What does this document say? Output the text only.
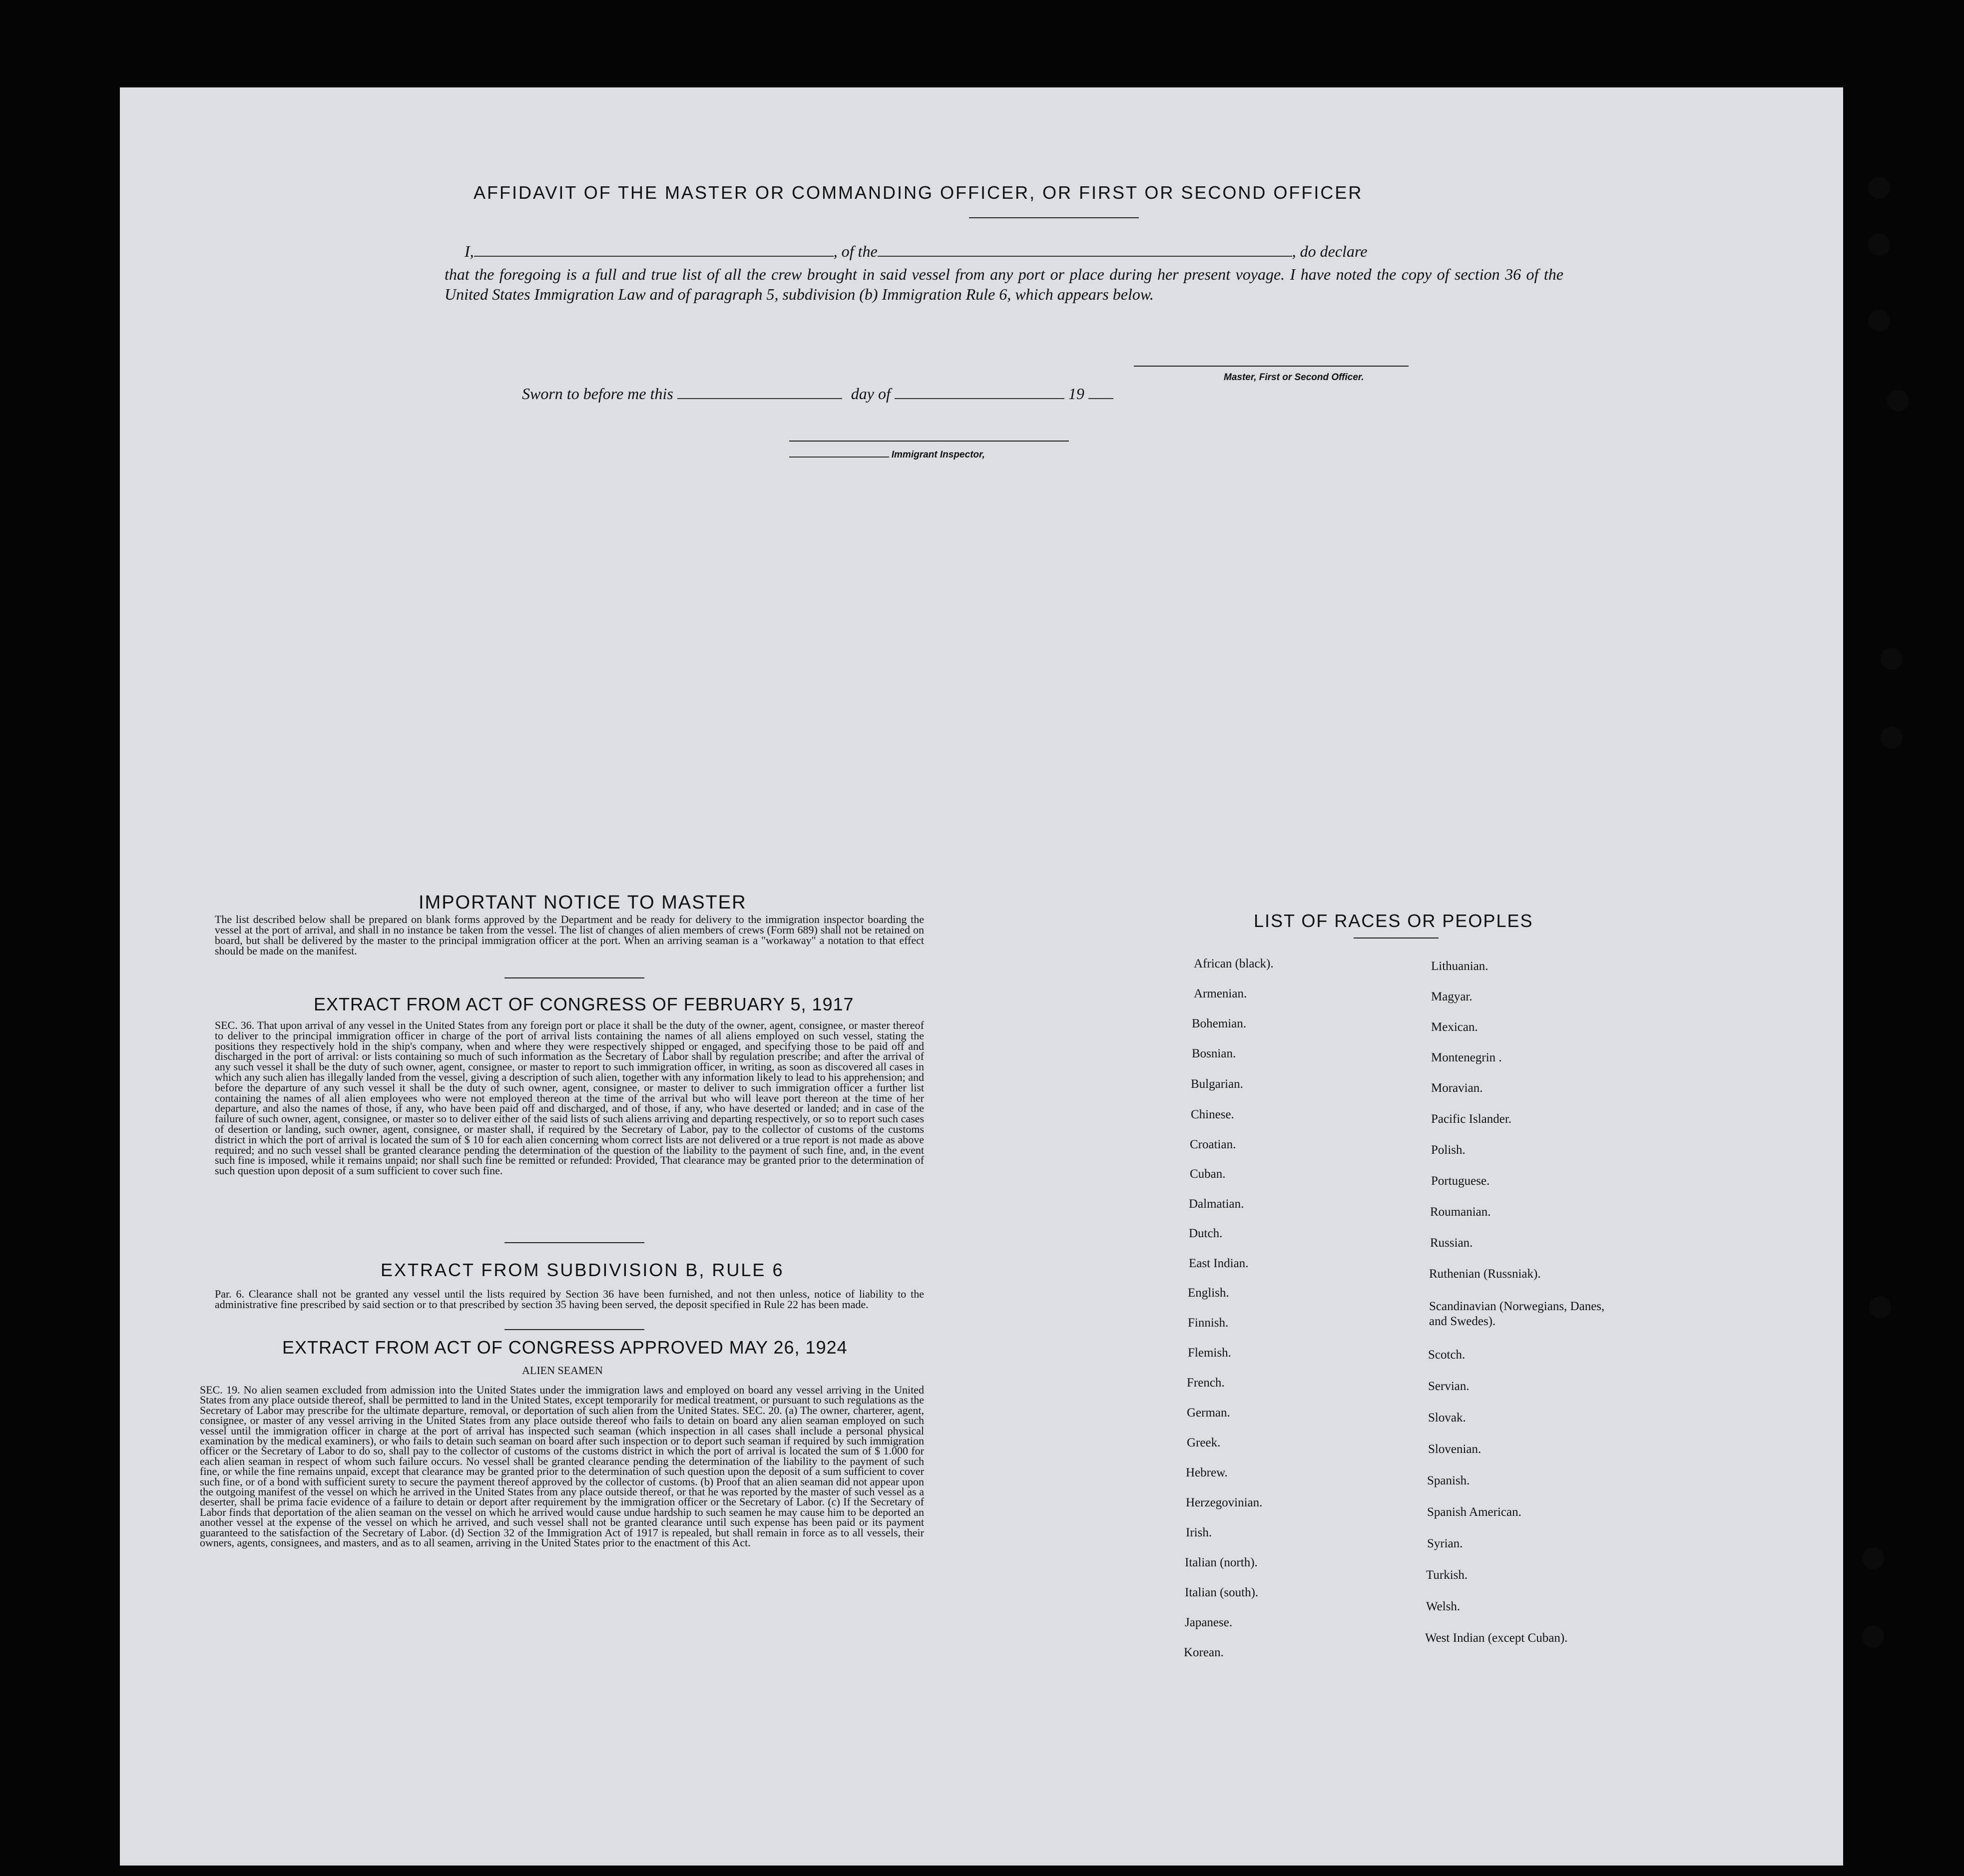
AFFIDAVIT OF THE MASTER OR COMMANDING OFFICER, OR FIRST OR SECOND OFFICER
I,	, of the	, do declare
that the foregoing is a full and true list of all the crew brought in said vessel from any port or place during her present voyage. I have noted the copy of section 36 of the United States Immigration Law and of paragraph 5, subdivision (b) Immigration Rule 6, which appears below.
Master, First or Second Officer.
Sworn to before me this	day of	19
Immigrant Inspector,
IMPORTANT NOTICE TO MASTER
The list described below shall be prepared on blank forms approved by the Department and be ready for delivery to the immigration inspector boarding the vessel at the port of arrival, and shall in no instance be taken from the vessel. The list of changes of alien members of crews (Form 689) shall not be retained on board, but shall be delivered by the master to the principal immigration officer at the port. When an arriving seaman is a "workaway" a notation to that effect should be made on the manifest.
EXTRACT FROM ACT OF CONGRESS OF FEBRUARY 5, 1917
SEC. 36. That upon arrival of any vessel in the United States from any foreign port or place it shall be the duty of the owner, agent, consignee, or master thereof to deliver to the principal immigration officer in charge of the port of arrival lists containing the names of all aliens employed on such vessel, stating the positions they respectively hold in the ship's company, when and where they were respectively shipped or engaged, and specifying those to be paid off and discharged in the port of arrival: or lists containing so much of such information as the Secretary of Labor shall by regulation prescribe; and after the arrival of any such vessel it shall be the duty of such owner, agent, consignee, or master to report to such immigration officer, in writing, as soon as discovered all cases in which any such alien has illegally landed from the vessel, giving a description of such alien, together with any information likely to lead to his apprehension; and before the departure of any such vessel it shall be the duty of such owner, agent, consignee, or master to deliver to such immigration officer a further list containing the names of all alien employees who were not employed thereon at the time of the arrival but who will leave port thereon at the time of her departure, and also the names of those, if any, who have been paid off and discharged, and of those, if any, who have deserted or landed; and in case of the failure of such owner, agent, consignee, or master so to deliver either of the said lists of such aliens arriving and departing respectively, or so to report such cases of desertion or landing, such owner, agent, consignee, or master shall, if required by the Secretary of Labor, pay to the collector of customs of the customs district in which the port of arrival is located the sum of $ 10 for each alien concerning whom correct lists are not delivered or a true report is not made as above required; and no such vessel shall be granted clearance pending the determination of the question of the liability to the payment of such fine, and, in the event such fine is imposed, while it remains unpaid; nor shall such fine be remitted or refunded: Provided, That clearance may be granted prior to the determination of such question upon deposit of a sum sufficient to cover such fine.
EXTRACT FROM SUBDIVISION B, RULE 6
Par. 6. Clearance shall not be granted any vessel until the lists required by Section 36 have been furnished, and not then unless, notice of liability to the administrative fine prescribed by said section or to that prescribed by section 35 having been served, the deposit specified in Rule 22 has been made.
EXTRACT FROM ACT OF CONGRESS APPROVED MAY 26, 1924
ALIEN SEAMEN
SEC. 19. No alien seamen excluded from admission into the United States under the immigration laws and employed on board any vessel arriving in the United States from any place outside thereof, shall be permitted to land in the United States, except temporarily for medical treatment, or pursuant to such regulations as the Secretary of Labor may prescribe for the ultimate departure, removal, or deportation of such alien from the United States. SEC. 20. (a) The owner, charterer, agent, consignee, or master of any vessel arriving in the United States from any place outside thereof who fails to detain on board any alien seaman employed on such vessel until the immigration officer in charge at the port of arrival has inspected such seaman (which inspection in all cases shall include a personal physical examination by the medical examiners), or who fails to detain such seaman on board after such inspection or to deport such seaman if required by such immigration officer or the Secretary of Labor to do so, shall pay to the collector of customs of the customs district in which the port of arrival is located the sum of $ 1.000 for each alien seaman in respect of whom such failure occurs. No vessel shall be granted clearance pending the determination of the liability to the payment of such fine, or while the fine remains unpaid, except that clearance may be granted prior to the determination of such question upon the deposit of a sum sufficient to cover such fine, or of a bond with sufficient surety to secure the payment thereof approved by the collector of customs. (b) Proof that an alien seaman did not appear upon the outgoing manifest of the vessel on which he arrived in the United States from any place outside thereof, or that he was reported by the master of such vessel as a deserter, shall be prima facie evidence of a failure to detain or deport after requirement by the immigration officer or the Secretary of Labor. (c) If the Secretary of Labor finds that deportation of the alien seaman on the vessel on which he arrived would cause undue hardship to such seamen he may cause him to be deported an another vessel at the expense of the vessel on which he arrived, and such vessel shall not be granted clearance until such expense has been paid or its payment guaranteed to the satisfaction of the Secretary of Labor. (d) Section 32 of the Immigration Act of 1917 is repealed, but shall remain in force as to all vessels, their owners, agents, consignees, and masters, and as to all seamen, arriving in the United States prior to the enactment of this Act.
LIST OF RACES OR PEOPLES
African (black).
Armenian.
Bohemian.
Bosnian.
Bulgarian.
Chinese.
Croatian.
Cuban.
Dalmatian.
Dutch.
East Indian.
English.
Finnish.
Flemish.
French.
German.
Greek.
Hebrew.
Herzegovinian.
Irish.
Italian (north).
Italian (south).
Japanese.
Korean.
Lithuanian.
Magyar.
Mexican.
Montenegrin .
Moravian.
Pacific Islander.
Polish.
Portuguese.
Roumanian.
Russian.
Ruthenian (Russniak).
Scandinavian (Norwegians, Danes, and Swedes).
Scotch.
Servian.
Slovak.
Slovenian.
Spanish.
Spanish American.
Syrian.
Turkish.
Welsh.
West Indian (except Cuban).
